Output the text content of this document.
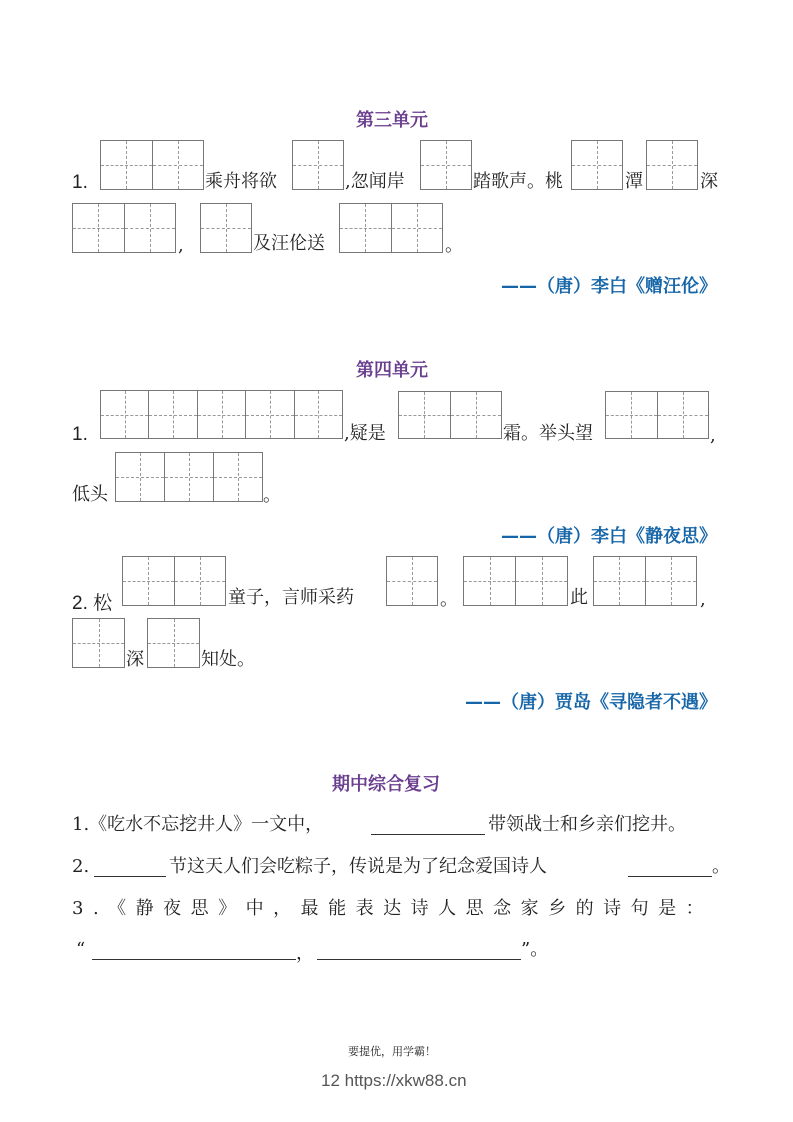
第三单元
1.	乘舟将欲	,忽闻岸	踏歌声。桃	潭	深
,	及汪伦送	。
——（唐）李白《赠汪伦》
第四单元
1.	,疑是	霜。举头望	,
低头	。
——（唐）李白《静夜思》
2. 松	童子，言师采药	。	此	,
深	知处。
——（唐）贾岛《寻隐者不遇》
期中综合复习
1.《吃水不忘挖井人》一文中，	带领战士和乡亲们挖井。
2.	节这天人们会吃粽子，传说是为了纪念爱国诗人	。
3.《静夜思》中，最能表达诗人思念家乡的诗句是：
“	，	”。
要提优，用学霸！
12 https://xkw88.cn
